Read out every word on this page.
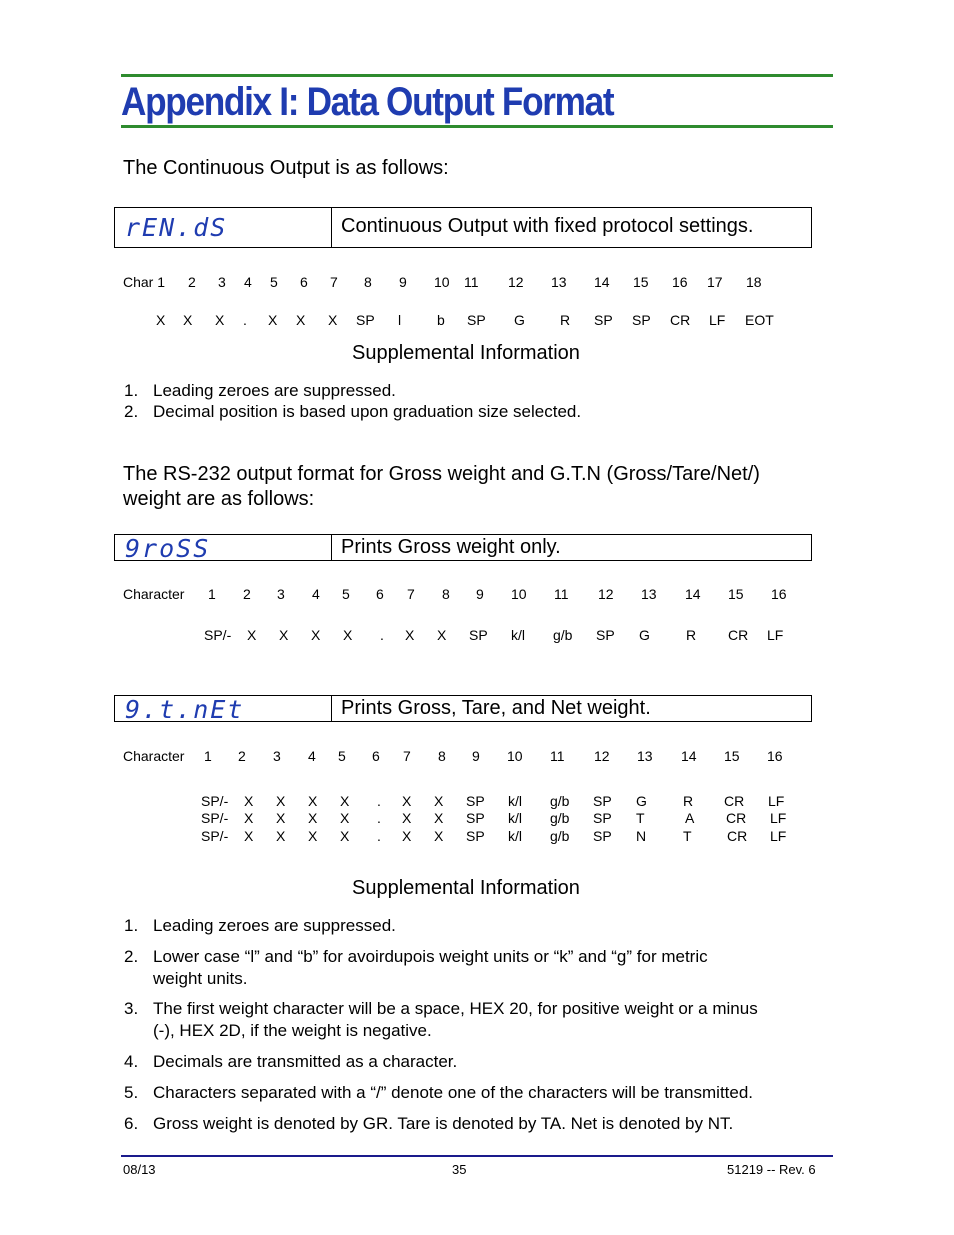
Appendix I: Data Output Format
The Continuous Output is as follows:
rEN.dS	Continuous Output with fixed protocol settings.
Char 1 2 3 4 5 6 7 8 9 10 11 12 13 14 15 16 17 18
X X X . X X X SP l	b SP G	R SP SP CR LF EOT
Supplemental Information
1. Leading zeroes are suppressed.
2. Decimal position is based upon graduation size selected.
The RS-232 output format for Gross weight and G.T.N (Gross/Tare/Net/)
weight are as follows:
9roSS	Prints Gross weight only.
Character 1 2 3 4 5 6 7 8 9 10 11 12 13 14 15 16
SP/- X X X X . X X SP k/l g/b SP G	R CR LF
9.t.nEt	Prints Gross, Tare, and Net weight.
Character 1 2 3 4 5 6 7 8 9 10 11 12 13 14 15 16
SP/- X X X X . X X SP k/l g/b SP G	R CR LF
SP/- X X X X . X X SP k/l g/b SP T	A CR LF
SP/- X X X X . X X SP k/l g/b SP N	T	CR LF
Supplemental Information
1. Leading zeroes are suppressed.
2. Lower case “l” and “b” for avoirdupois weight units or “k” and “g” for metric
weight units.
3. The first weight character will be a space, HEX 20, for positive weight or a minus
(-), HEX 2D, if the weight is negative.
4. Decimals are transmitted as a character.
5. Characters separated with a “/” denote one of the characters will be transmitted.
6. Gross weight is denoted by GR. Tare is denoted by TA. Net is denoted by NT.
08/13	35	51219 -- Rev. 6
